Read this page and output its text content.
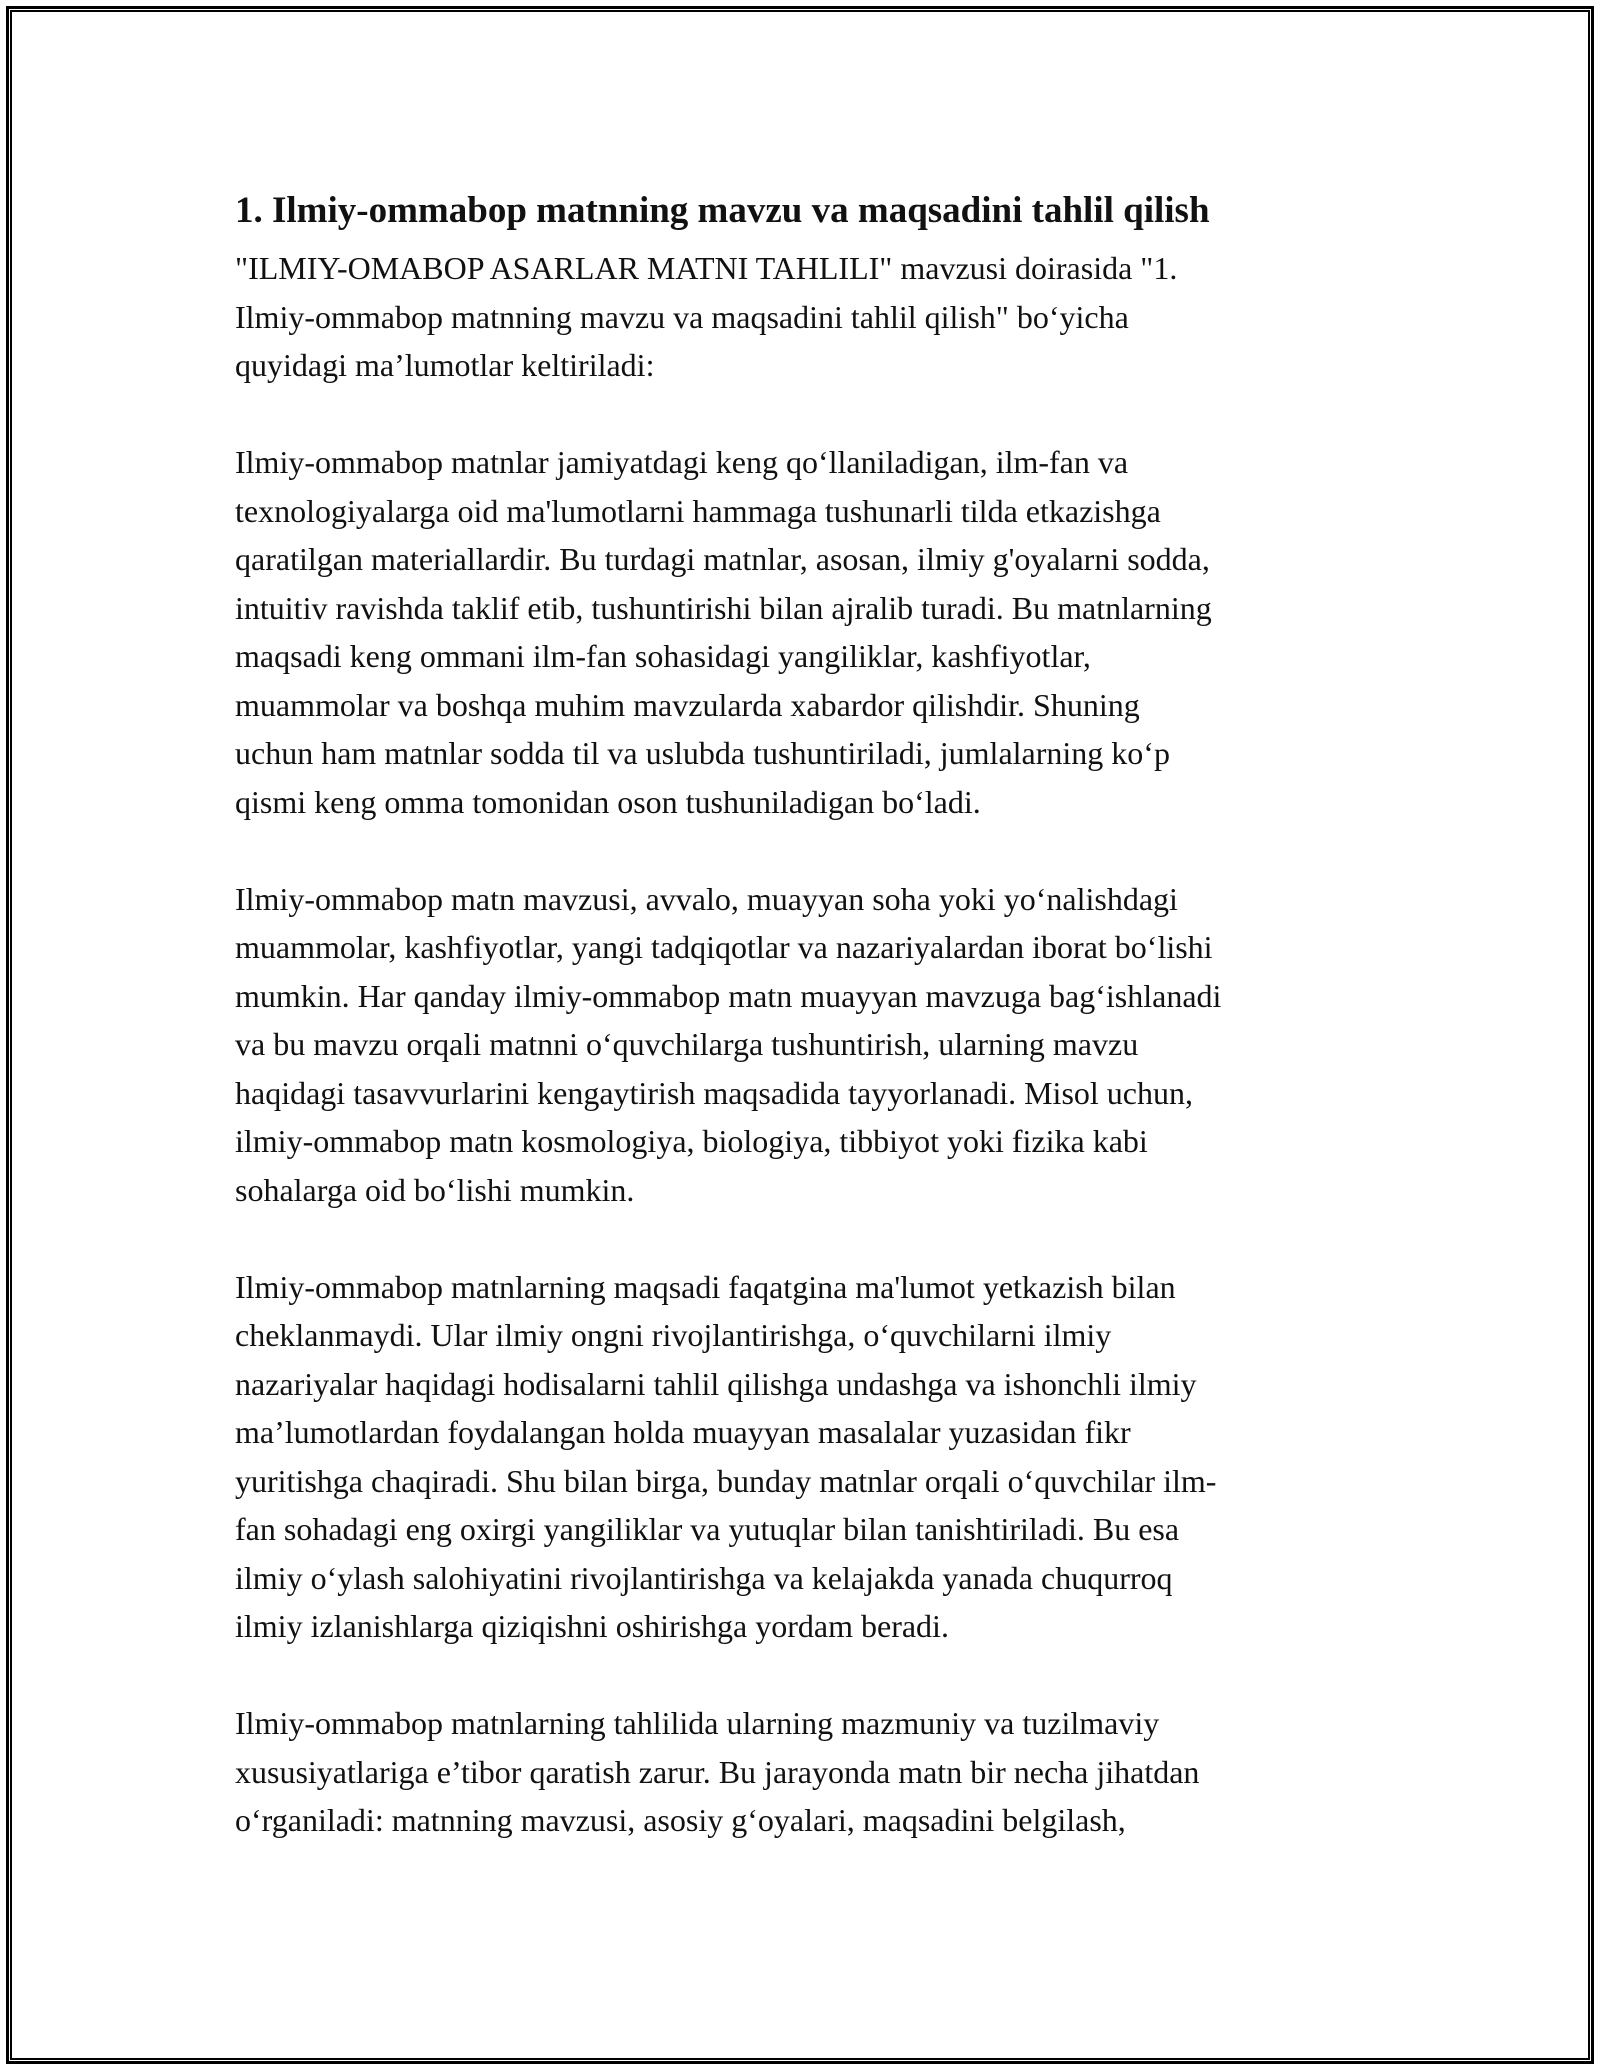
1. Ilmiy-ommabop matnning mavzu va maqsadini tahlil qilish

"ILMIY-OMABOP ASARLAR MATNI TAHLILI" mavzusi doirasida "1.
Ilmiy-ommabop matnning mavzu va maqsadini tahlil qilish" bo‘yicha
quyidagi ma’lumotlar keltiriladi:

Ilmiy-ommabop matnlar jamiyatdagi keng qo‘llaniladigan, ilm-fan va
texnologiyalarga oid ma'lumotlarni hammaga tushunarli tilda etkazishga
qaratilgan materiallardir. Bu turdagi matnlar, asosan, ilmiy g'oyalarni sodda,
intuitiv ravishda taklif etib, tushuntirishi bilan ajralib turadi. Bu matnlarning
maqsadi keng ommani ilm-fan sohasidagi yangiliklar, kashfiyotlar,
muammolar va boshqa muhim mavzularda xabardor qilishdir. Shuning
uchun ham matnlar sodda til va uslubda tushuntiriladi, jumlalarning ko‘p
qismi keng omma tomonidan oson tushuniladigan bo‘ladi.

Ilmiy-ommabop matn mavzusi, avvalo, muayyan soha yoki yo‘nalishdagi
muammolar, kashfiyotlar, yangi tadqiqotlar va nazariyalardan iborat bo‘lishi
mumkin. Har qanday ilmiy-ommabop matn muayyan mavzuga bag‘ishlanadi
va bu mavzu orqali matnni o‘quvchilarga tushuntirish, ularning mavzu
haqidagi tasavvurlarini kengaytirish maqsadida tayyorlanadi. Misol uchun,
ilmiy-ommabop matn kosmologiya, biologiya, tibbiyot yoki fizika kabi
sohalarga oid bo‘lishi mumkin.

Ilmiy-ommabop matnlarning maqsadi faqatgina ma'lumot yetkazish bilan
cheklanmaydi. Ular ilmiy ongni rivojlantirishga, o‘quvchilarni ilmiy
nazariyalar haqidagi hodisalarni tahlil qilishga undashga va ishonchli ilmiy
ma’lumotlardan foydalangan holda muayyan masalalar yuzasidan fikr
yuritishga chaqiradi. Shu bilan birga, bunday matnlar orqali o‘quvchilar ilm-
fan sohadagi eng oxirgi yangiliklar va yutuqlar bilan tanishtiriladi. Bu esa
ilmiy o‘ylash salohiyatini rivojlantirishga va kelajakda yanada chuqurroq
ilmiy izlanishlarga qiziqishni oshirishga yordam beradi.

Ilmiy-ommabop matnlarning tahlilida ularning mazmuniy va tuzilmaviy
xususiyatlariga e’tibor qaratish zarur. Bu jarayonda matn bir necha jihatdan
o‘rganiladi: matnning mavzusi, asosiy g‘oyalari, maqsadini belgilash,
